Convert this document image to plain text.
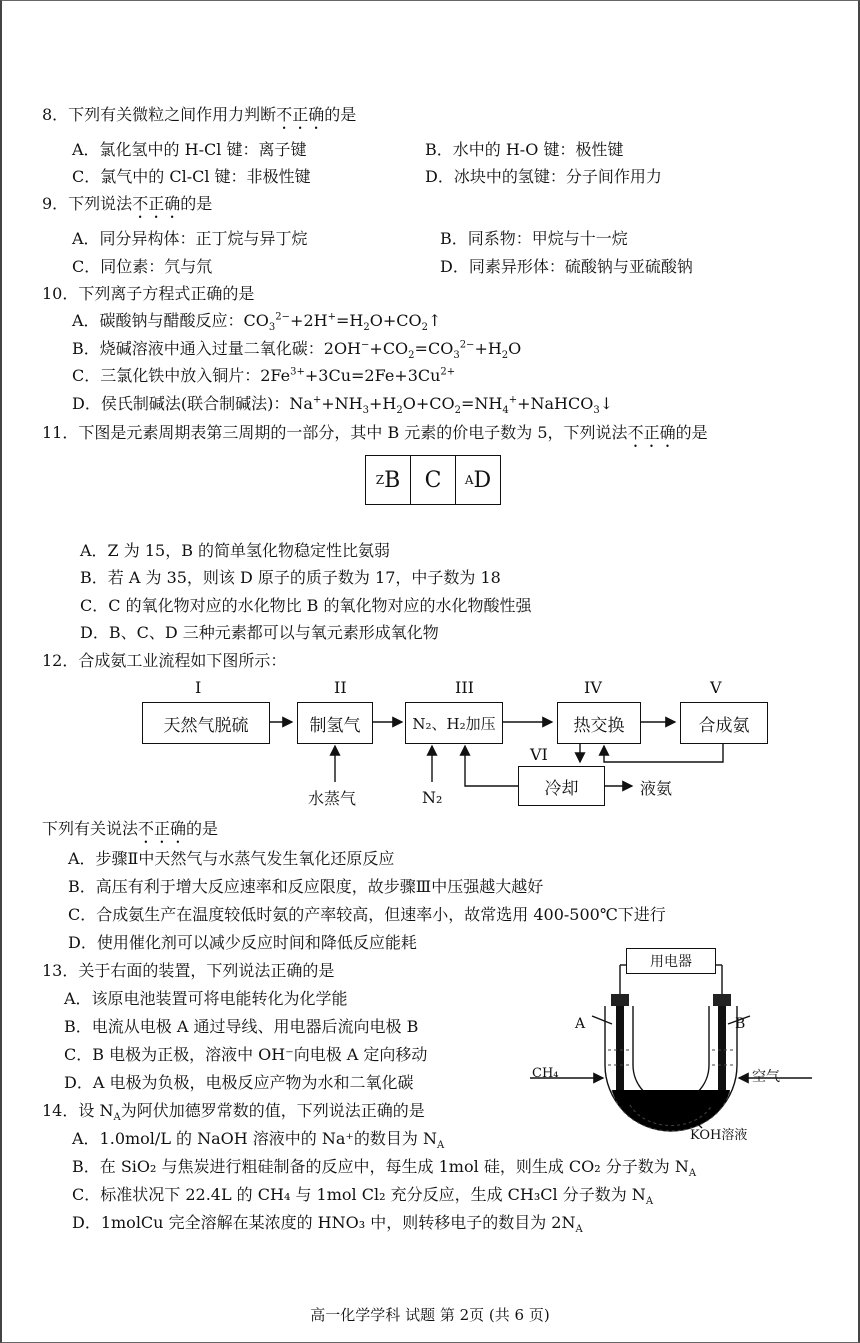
8．下列有关微粒之间作用力判断不正确的是
A．氯化氢中的 H-Cl 键：离子键	B．水中的 H-O 键：极性键
C．氯气中的 Cl-Cl 键：非极性键	D．冰块中的氢键：分子间作用力
9．下列说法不正确的是
A．同分异构体：正丁烷与异丁烷	B．同系物：甲烷与十一烷
C．同位素：氕与氘	D．同素异形体：硫酸钠与亚硫酸钠
10．下列离子方程式正确的是
A．碳酸钠与醋酸反应：$CO_3^{2-}+2H^+=H_2O+CO_2↑$
B．烧碱溶液中通入过量二氧化碳：$2OH^-+CO_2=CO_3^{2-}+H_2O$
C．三氯化铁中放入铜片：$2Fe^{3+}+3Cu=2Fe+3Cu^{2+}$
D．侯氏制碱法(联合制碱法)：$Na^++NH_3+H_2O+CO_2=NH_4^++NaHCO_3↓$
11．下图是元素周期表第三周期的一部分，其中 B 元素的价电子数为 5，下列说法不正确的是
Z B C A D
A．Z 为 15，B 的简单氢化物稳定性比氨弱
B．若 A 为 35，则该 D 原子的质子数为 17，中子数为 18
C．C 的氧化物对应的水化物比 B 的氧化物对应的水化物酸性强
D．B、C、D 三种元素都可以与氧元素形成氧化物
12．合成氨工业流程如下图所示：
I	II	III	IV	V
VI
天然气脱硫	制氢气	N₂、H₂加压	热交换	合成氨
冷却
水蒸气	N₂	液氨
下列有关说法不正确的是
A．步骤Ⅱ中天然气与水蒸气发生氧化还原反应
B．高压有利于增大反应速率和反应限度，故步骤Ⅲ中压强越大越好
C．合成氨生产在温度较低时氨的产率较高，但速率小，故常选用 400-500℃下进行
D．使用催化剂可以减少反应时间和降低反应能耗
13．关于右面的装置，下列说法正确的是
A．该原电池装置可将电能转化为化学能
B．电流从电极 A 通过导线、用电器后流向电极 B
C．B 电极为正极，溶液中 OH⁻向电极 A 定向移动
D．A 电极为负极，电极反应产物为水和二氧化碳
用电器
A	B
CH₄	空气
KOH溶液
14．设 $N_A$为阿伏加德罗常数的值，下列说法正确的是
A．1.0mol/L 的 NaOH 溶液中的 Na⁺的数目为 $N_A$
B．在 SiO₂ 与焦炭进行粗硅制备的反应中，每生成 1mol 硅，则生成 CO₂ 分子数为 $N_A$
C．标准状况下 22.4L 的 CH₄ 与 1mol Cl₂ 充分反应，生成 CH₃Cl 分子数为 $N_A$
D．1molCu 完全溶解在某浓度的 HNO₃ 中，则转移电子的数目为 $2N_A$
高一化学学科 试题 第 2页 (共 6 页)
